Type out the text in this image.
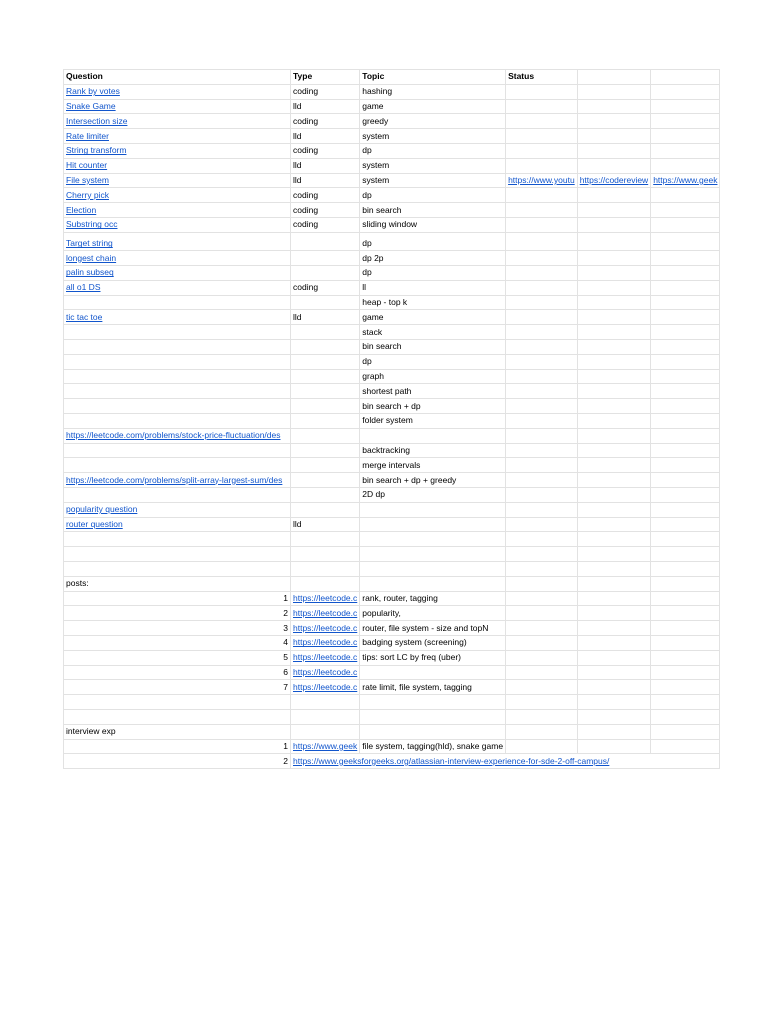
Question	Type	Topic	Status		
Rank by votes	coding	hashing			
Snake Game	lld	game			
Intersection size	coding	greedy			
Rate limiter	lld	system			
String transform	coding	dp			
Hit counter	lld	system			
File system	lld	system	https://www.youtu	https://codereview	https://www.geek
Cherry pick	coding	dp			
Election	coding	bin search			
Substring occ	coding	sliding window			
Target string		dp			
longest chain		dp 2p			
palin subseq		dp			
all o1 DS	coding	ll			
		heap - top k			
tic tac toe	lld	game			
		stack			
		bin search			
		dp			
		graph			
		shortest path			
		bin search + dp			
		folder system			
https://leetcode.com/problems/stock-price-fluctuation/des					
		backtracking			
		merge intervals			
https://leetcode.com/problems/split-array-largest-sum/des		bin search + dp + greedy			
		2D dp			
popularity question					
router question	lld				

posts:					
1	https://leetcode.c	rank, router, tagging			
2	https://leetcode.c	popularity,			
3	https://leetcode.c	router, file system - size and topN			
4	https://leetcode.c	badging system (screening)			
5	https://leetcode.c	tips: sort LC by freq (uber)			
6	https://leetcode.c				
7	https://leetcode.c	rate limit, file system, tagging			

interview exp					
1	https://www.geek	file system, tagging(hld), snake game			
2	https://www.geeksforgeeks.org/atlassian-interview-experience-for-sde-2-off-campus/				
